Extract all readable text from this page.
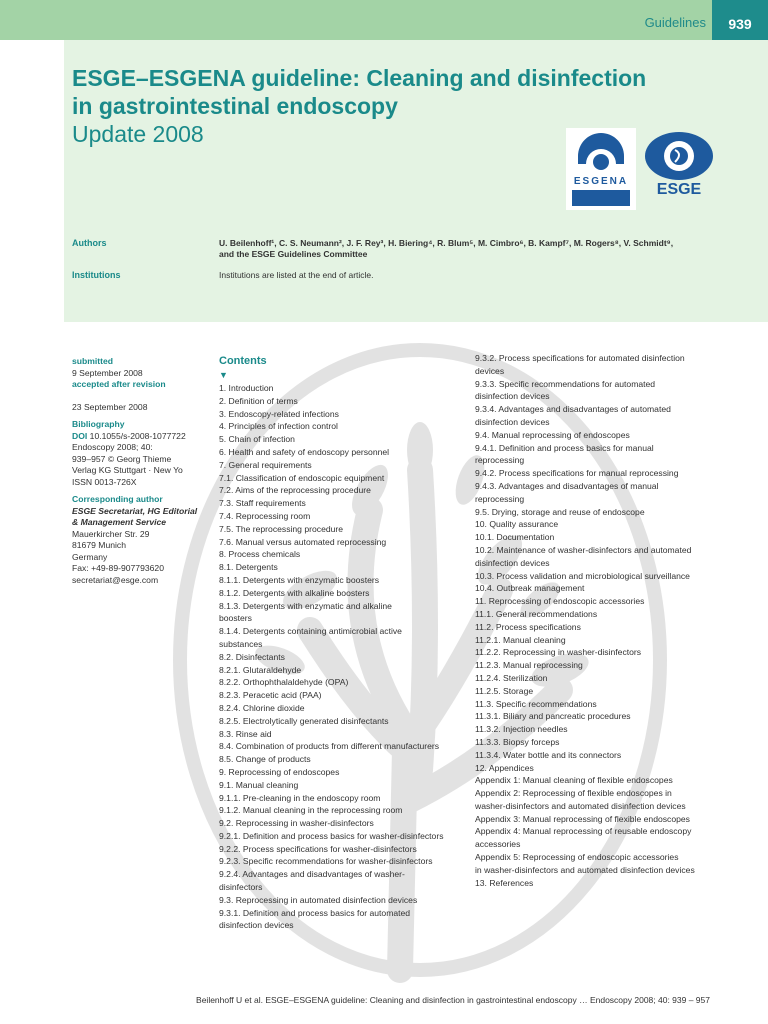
Guidelines	939
ESGE–ESGENA guideline: Cleaning and disinfection in gastrointestinal endoscopy
Update 2008
ESGENA ESGE
Authors	U. Beilenhoff¹, C. S. Neumann², J. F. Rey³, H. Biering⁴, R. Blum⁵, M. Cimbro⁶, B. Kampf⁷, M. Rogers⁸, V. Schmidt⁹,
and the ESGE Guidelines Committee
Institutions	Institutions are listed at the end of article.
submitted
9 September 2008
accepted after revision
23 September 2008
Bibliography
DOI 10.1055/s-2008-1077722
Endoscopy 2008; 40:
939–957 © Georg Thieme
Verlag KG Stuttgart · New Yo
ISSN 0013-726X
Corresponding author
ESGE Secretariat, HG Editorial
& Management Service
Mauerkircher Str. 29
81679 Munich
Germany
Fax: +49-89-907793620
secretariat@esge.com
Contents
▼
1. Introduction
2. Definition of terms
3. Endoscopy-related infections
4. Principles of infection control
5. Chain of infection
6. Health and safety of endoscopy personnel
7. General requirements
7.1. Classification of endoscopic equipment
7.2. Aims of the reprocessing procedure
7.3. Staff requirements
7.4. Reprocessing room
7.5. The reprocessing procedure
7.6. Manual versus automated reprocessing
8. Process chemicals
8.1. Detergents
8.1.1. Detergents with enzymatic boosters
8.1.2. Detergents with alkaline boosters
8.1.3. Detergents with enzymatic and alkaline
boosters
8.1.4. Detergents containing antimicrobial active
substances
8.2. Disinfectants
8.2.1. Glutaraldehyde
8.2.2. Orthophthalaldehyde (OPA)
8.2.3. Peracetic acid (PAA)
8.2.4. Chlorine dioxide
8.2.5. Electrolytically generated disinfectants
8.3. Rinse aid
8.4. Combination of products from different manufacturers
8.5. Change of products
9. Reprocessing of endoscopes
9.1. Manual cleaning
9.1.1. Pre-cleaning in the endoscopy room
9.1.2. Manual cleaning in the reprocessing room
9.2. Reprocessing in washer-disinfectors
9.2.1. Definition and process basics for washer-disinfectors
9.2.2. Process specifications for washer-disinfectors
9.2.3. Specific recommendations for washer-disinfectors
9.2.4. Advantages and disadvantages of washer-
disinfectors
9.3. Reprocessing in automated disinfection devices
9.3.1. Definition and process basics for automated
disinfection devices
9.3.2. Process specifications for automated disinfection
devices
9.3.3. Specific recommendations for automated
disinfection devices
9.3.4. Advantages and disadvantages of automated
disinfection devices
9.4. Manual reprocessing of endoscopes
9.4.1. Definition and process basics for manual
reprocessing
9.4.2. Process specifications for manual reprocessing
9.4.3. Advantages and disadvantages of manual
reprocessing
9.5. Drying, storage and reuse of endoscope
10. Quality assurance
10.1. Documentation
10.2. Maintenance of washer-disinfectors and automated
disinfection devices
10.3. Process validation and microbiological surveillance
10.4. Outbreak management
11. Reprocessing of endoscopic accessories
11.1. General recommendations
11.2. Process specifications
11.2.1. Manual cleaning
11.2.2. Reprocessing in washer-disinfectors
11.2.3. Manual reprocessing
11.2.4. Sterilization
11.2.5. Storage
11.3. Specific recommendations
11.3.1. Biliary and pancreatic procedures
11.3.2. Injection needles
11.3.3. Biopsy forceps
11.3.4. Water bottle and its connectors
12. Appendices
Appendix 1: Manual cleaning of flexible endoscopes
Appendix 2: Reprocessing of flexible endoscopes in
washer-disinfectors and automated disinfection devices
Appendix 3: Manual reprocessing of flexible endoscopes
Appendix 4: Manual reprocessing of reusable endoscopy
accessories
Appendix 5: Reprocessing of endoscopic accessories
in washer-disinfectors and automated disinfection devices
13. References
Beilenhoff U et al. ESGE–ESGENA guideline: Cleaning and disinfection in gastrointestinal endoscopy … Endoscopy 2008; 40: 939 – 957
